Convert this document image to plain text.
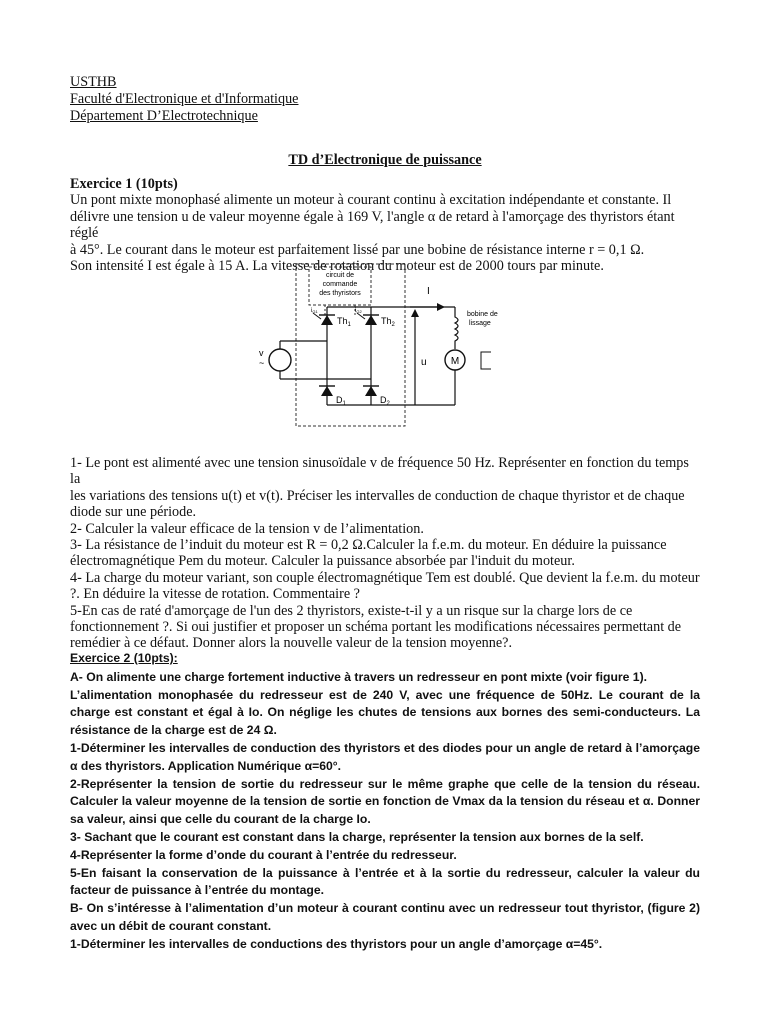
USTHB
Faculté d'Electronique et d'Informatique
Département D’Electrotechnique
TD d’Electronique de puissance

Exercice 1 (10pts)

Un pont mixte monophasé alimente un moteur à courant continu à excitation indépendante et constante. Il

délivre une tension u de valeur moyenne égale à 169 V, l'angle α de retard à l'amorçage des thyristors étant réglé

à 45°. Le courant dans le moteur est parfaitement lissé par une bobine de résistance interne r = 0,1 Ω.

Son intensité I est égale à 15 A. La vitesse de rotation du moteur est de 2000 tours par minute.

circuit de
commande
des thyristors
$Th_1$
iG1
$Th_2$
iG2
$D_1$	$D_2$
v
~	u
I
bobine de
lissage
M

1- Le pont est alimenté avec une tension sinusoïdale v de fréquence 50 Hz. Représenter en fonction du temps la

les variations des tensions u(t) et v(t). Préciser les intervalles de conduction de chaque thyristor et de chaque

diode sur une période.

2- Calculer la valeur efficace de la tension v de l’alimentation.

3- La résistance de l’induit du moteur est R = 0,2 Ω.Calculer la f.e.m. du moteur. En déduire la puissance

électromagnétique Pem du moteur. Calculer la puissance absorbée par l'induit du moteur.

4- La charge du moteur variant, son couple électromagnétique Tem est doublé. Que devient la f.e.m. du moteur

?. En déduire la vitesse de rotation. Commentaire ?

5-En cas de raté d'amorçage de l'un des 2 thyristors, existe-t-il y a un risque sur la charge lors de ce

fonctionnement ?. Si oui justifier et proposer un schéma portant les modifications nécessaires permettant de

remédier à ce défaut. Donner alors la nouvelle valeur de la tension moyenne?.

Exercice 2 (10pts):

A- On alimente une charge fortement inductive à travers un redresseur en pont mixte (voir figure 1).

L’alimentation monophasée du redresseur est de 240 V, avec une fréquence de 50Hz. Le courant de la charge est constant et égal à Io. On néglige les chutes de tensions aux bornes des semi-conducteurs. La résistance de la charge est de 24 Ω.

1-Déterminer les intervalles de conduction des thyristors et des diodes pour un angle de retard à l’amorçage α des thyristors. Application Numérique α=60°.

2-Représenter la tension de sortie du redresseur sur le même graphe que celle de la tension du réseau. Calculer la valeur moyenne de la tension de sortie en fonction de Vmax da la tension du réseau et α. Donner sa valeur, ainsi que celle du courant de la charge Io.

3- Sachant que le courant est constant dans la charge, représenter la tension aux bornes de la self.

4-Représenter la forme d’onde du courant à l’entrée du redresseur.

5-En faisant la conservation de la puissance à l’entrée et à la sortie du redresseur, calculer la valeur du facteur de puissance à l’entrée du montage.

B- On s’intéresse à l’alimentation d’un moteur à courant continu avec un redresseur tout thyristor, (figure 2) avec un débit de courant constant.

1-Déterminer les intervalles de conductions des thyristors pour un angle d’amorçage α=45°.
